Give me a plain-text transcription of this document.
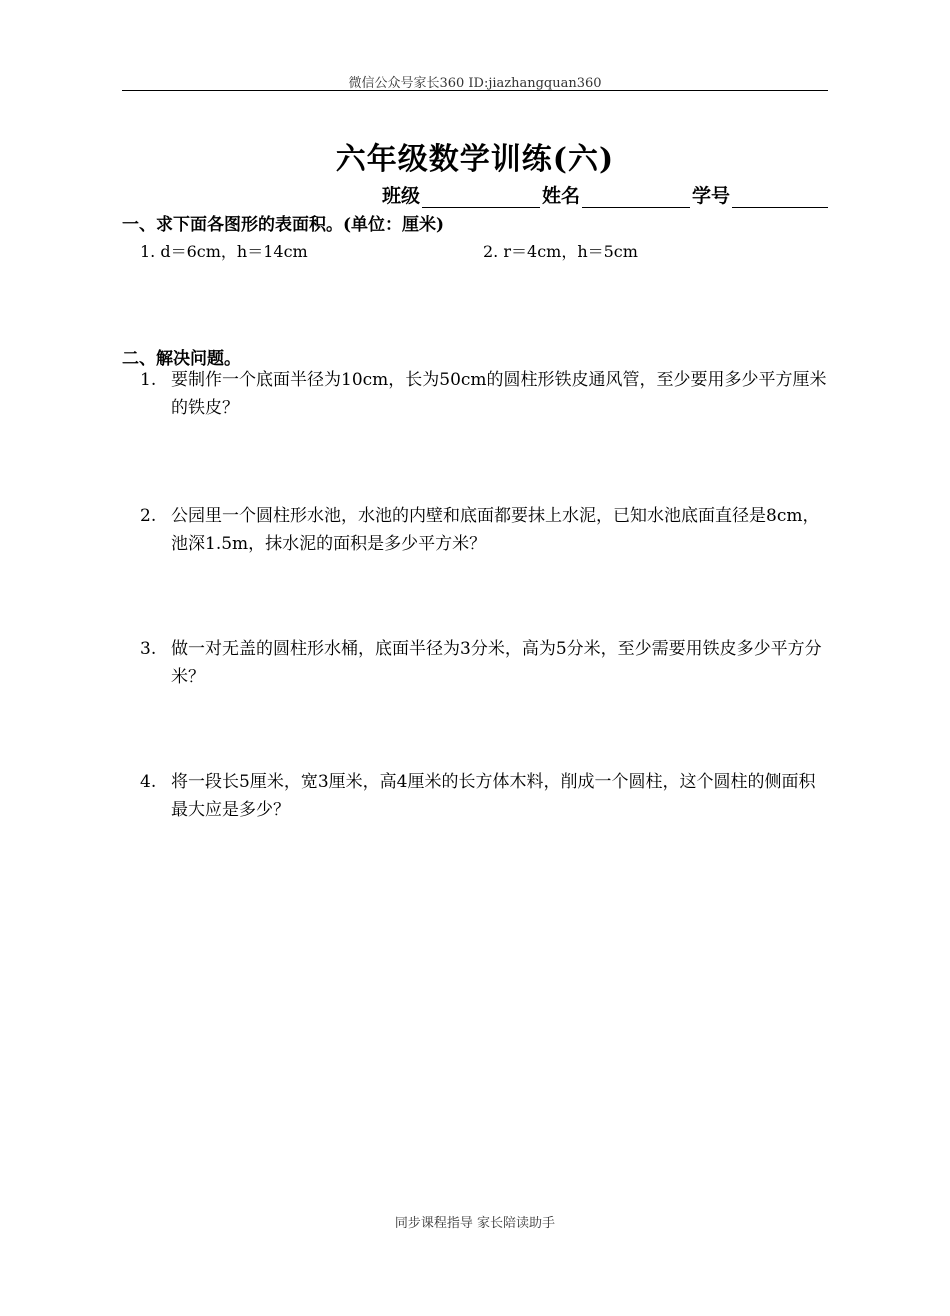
微信公众号家长360 ID:jiazhangquan360
六年级数学训练(六)
班级	姓名	学号
一、求下面各图形的表面积。(单位：厘米)
1. d＝6cm，h＝14cm	2. r＝4cm，h＝5cm
二、解决问题。
1. 要制作一个底面半径为10cm，长为50cm的圆柱形铁皮通风管，至少要用多少平方厘米的铁皮？
2. 公园里一个圆柱形水池，水池的内壁和底面都要抹上水泥，已知水池底面直径是8cm，池深1.5m，抹水泥的面积是多少平方米？
3. 做一对无盖的圆柱形水桶，底面半径为3分米，高为5分米，至少需要用铁皮多少平方分米？
4. 将一段长5厘米，宽3厘米，高4厘米的长方体木料，削成一个圆柱，这个圆柱的侧面积最大应是多少？
同步课程指导 家长陪读助手
